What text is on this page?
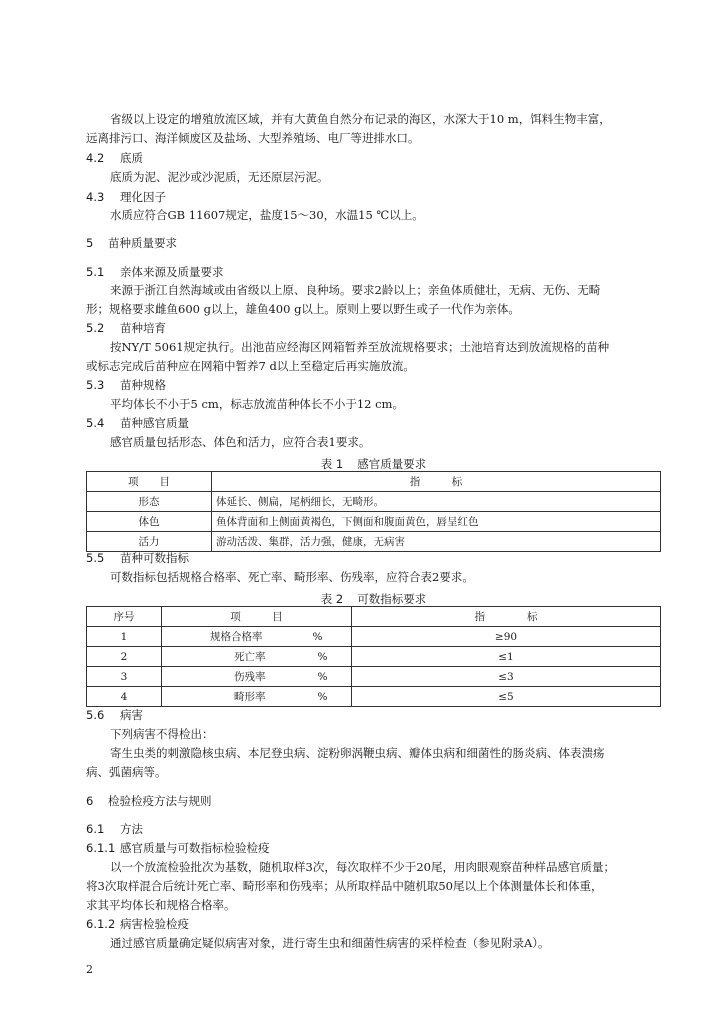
省级以上设定的增殖放流区域，并有大黄鱼自然分布记录的海区，水深大于10 m，饵料生物丰富，
远离排污口、海洋倾废区及盐场、大型养殖场、电厂等进排水口。
4.2 底质
底质为泥、泥沙或沙泥质，无还原层污泥。
4.3 理化因子
水质应符合GB 11607规定，盐度15～30，水温15 ℃以上。
5 苗种质量要求
5.1 亲体来源及质量要求
来源于浙江自然海域或由省级以上原、良种场。要求2龄以上；亲鱼体质健壮，无病、无伤、无畸
形；规格要求雌鱼600 g以上，雄鱼400 g以上。原则上要以野生或子一代作为亲体。
5.2 苗种培育
按NY/T 5061规定执行。出池苗应经海区网箱暂养至放流规格要求；土池培育达到放流规格的苗种
或标志完成后苗种应在网箱中暂养7 d以上至稳定后再实施放流。
5.3 苗种规格
平均体长不小于5 cm，标志放流苗种体长不小于12 cm。
5.4 苗种感官质量
感官质量包括形态、体色和活力，应符合表1要求。
表 1 感官质量要求
项　　目	指　　　标
形态	体延长、侧扁，尾柄细长，无畸形。
体色	鱼体背面和上侧面黄褐色，下侧面和腹面黄色，唇呈红色
活力	游动活泼、集群，活力强，健康，无病害
5.5 苗种可数指标
可数指标包括规格合格率、死亡率、畸形率、伤残率，应符合表2要求。
表 2 可数指标要求
序号	项　　　目	指　　　　标
1	规格合格率 %	≥90
2	死亡率 %	≤1
3	伤残率 %	≤3
4	畸形率 %	≤5
5.6 病害
下列病害不得检出：
寄生虫类的刺激隐核虫病、本尼登虫病、淀粉卵涡鞭虫病、瓣体虫病和细菌性的肠炎病、体表溃疡
病、弧菌病等。
6 检验检疫方法与规则
6.1 方法
6.1.1 感官质量与可数指标检验检疫
以一个放流检验批次为基数，随机取样3次，每次取样不少于20尾，用肉眼观察苗种样品感官质量；
将3次取样混合后统计死亡率、畸形率和伤残率；从所取样品中随机取50尾以上个体测量体长和体重，
求其平均体长和规格合格率。
6.1.2 病害检验检疫
通过感官质量确定疑似病害对象，进行寄生虫和细菌性病害的采样检查（参见附录A）。
2
